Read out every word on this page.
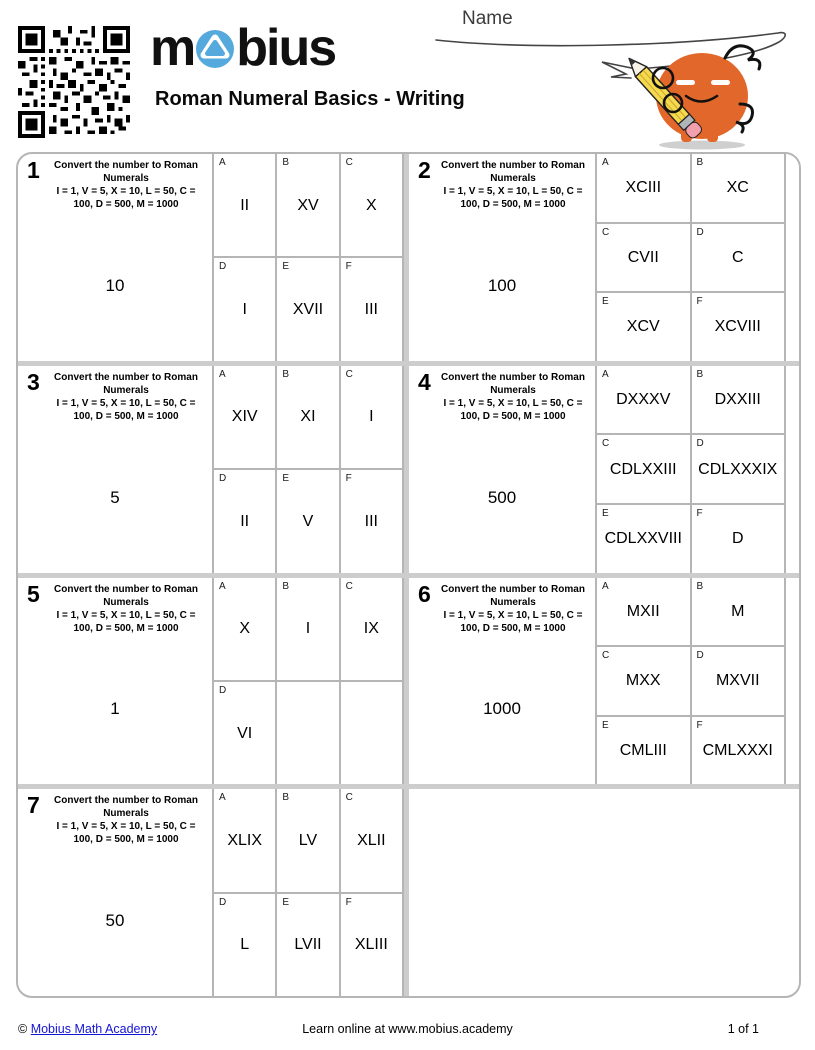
m bius
Roman Numeral Basics - Writing
Name
1	Convert the number to Roman Numerals
I = 1, V = 5, X = 10, L = 50, C = 100, D = 500, M = 1000
10
A
II
B
XV
C
X
D
I
E
XVII
F
III
2	Convert the number to Roman Numerals
I = 1, V = 5, X = 10, L = 50, C = 100, D = 500, M = 1000
100
A
XCIII
B
XC
C
CVII
D
C
E
XCV
F
XCVIII
3	Convert the number to Roman Numerals
I = 1, V = 5, X = 10, L = 50, C = 100, D = 500, M = 1000
5
A
XIV
B
XI
C
I
D
II
E
V
F
III
4	Convert the number to Roman Numerals
I = 1, V = 5, X = 10, L = 50, C = 100, D = 500, M = 1000
500
A
DXXXV
B
DXXIII
C
CDLXXIII
D
CDLXXXIX
E
CDLXXVIII
F
D
5	Convert the number to Roman Numerals
I = 1, V = 5, X = 10, L = 50, C = 100, D = 500, M = 1000
1
A
X
B
I
C
IX
D
VI
6	Convert the number to Roman Numerals
I = 1, V = 5, X = 10, L = 50, C = 100, D = 500, M = 1000
1000
A
MXII
B
M
C
MXX
D
MXVII
E
CMLIII
F
CMLXXXI
7	Convert the number to Roman Numerals
I = 1, V = 5, X = 10, L = 50, C = 100, D = 500, M = 1000
50
A
XLIX
B
LV
C
XLII
D
L
E
LVII
F
XLIII
© Mobius Math Academy	Learn online at www.mobius.academy	1 of 1
